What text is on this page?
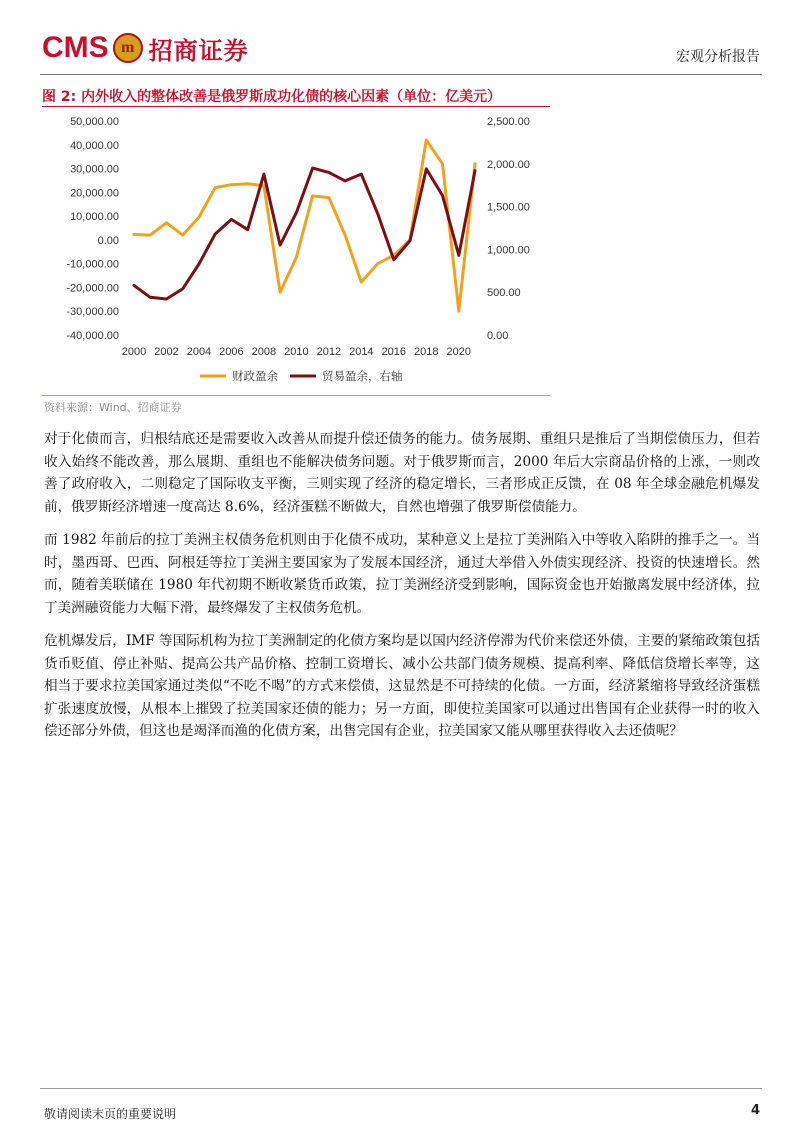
CMS m 招商证券	宏观分析报告
图 2: 内外收入的整体改善是俄罗斯成功化债的核心因素（单位：亿美元）
50,000.00
40,000.00
30,000.00
20,000.00
10,000.00
0.00
-10,000.00
-20,000.00
-30,000.00
-40,000.00
2,500.00
2,000.00
1,500.00
1,000.00
500.00
0.00
2000 2002 2004 2006 2008 2010 2012 2014 2016 2018 2020
财政盈余	贸易盈余，右轴
资料来源：Wind、招商证券

对于化债而言，归根结底还是需要收入改善从而提升偿还债务的能力。债务展期、重组只是推后了当期偿债压力，但若收入始终不能改善，那么展期、重组也不能解决债务问题。对于俄罗斯而言，2000 年后大宗商品价格的上涨，一则改善了政府收入，二则稳定了国际收支平衡，三则实现了经济的稳定增长，三者形成正反馈，在 08 年全球金融危机爆发前，俄罗斯经济增速一度高达 8.6%，经济蛋糕不断做大，自然也增强了俄罗斯偿债能力。

而 1982 年前后的拉丁美洲主权债务危机则由于化债不成功，某种意义上是拉丁美洲陷入中等收入陷阱的推手之一。当时，墨西哥、巴西、阿根廷等拉丁美洲主要国家为了发展本国经济，通过大举借入外债实现经济、投资的快速增长。然而，随着美联储在 1980 年代初期不断收紧货币政策，拉丁美洲经济受到影响，国际资金也开始撤离发展中经济体，拉丁美洲融资能力大幅下滑，最终爆发了主权债务危机。

危机爆发后，IMF 等国际机构为拉丁美洲制定的化债方案均是以国内经济停滞为代价来偿还外债，主要的紧缩政策包括货币贬值、停止补贴、提高公共产品价格、控制工资增长、减小公共部门债务规模、提高利率、降低信贷增长率等，这相当于要求拉美国家通过类似“不吃不喝”的方式来偿债，这显然是不可持续的化债。一方面，经济紧缩将导致经济蛋糕扩张速度放慢，从根本上摧毁了拉美国家还债的能力；另一方面，即使拉美国家可以通过出售国有企业获得一时的收入偿还部分外债，但这也是竭泽而渔的化债方案，出售完国有企业，拉美国家又能从哪里获得收入去还债呢？

敬请阅读末页的重要说明	4
